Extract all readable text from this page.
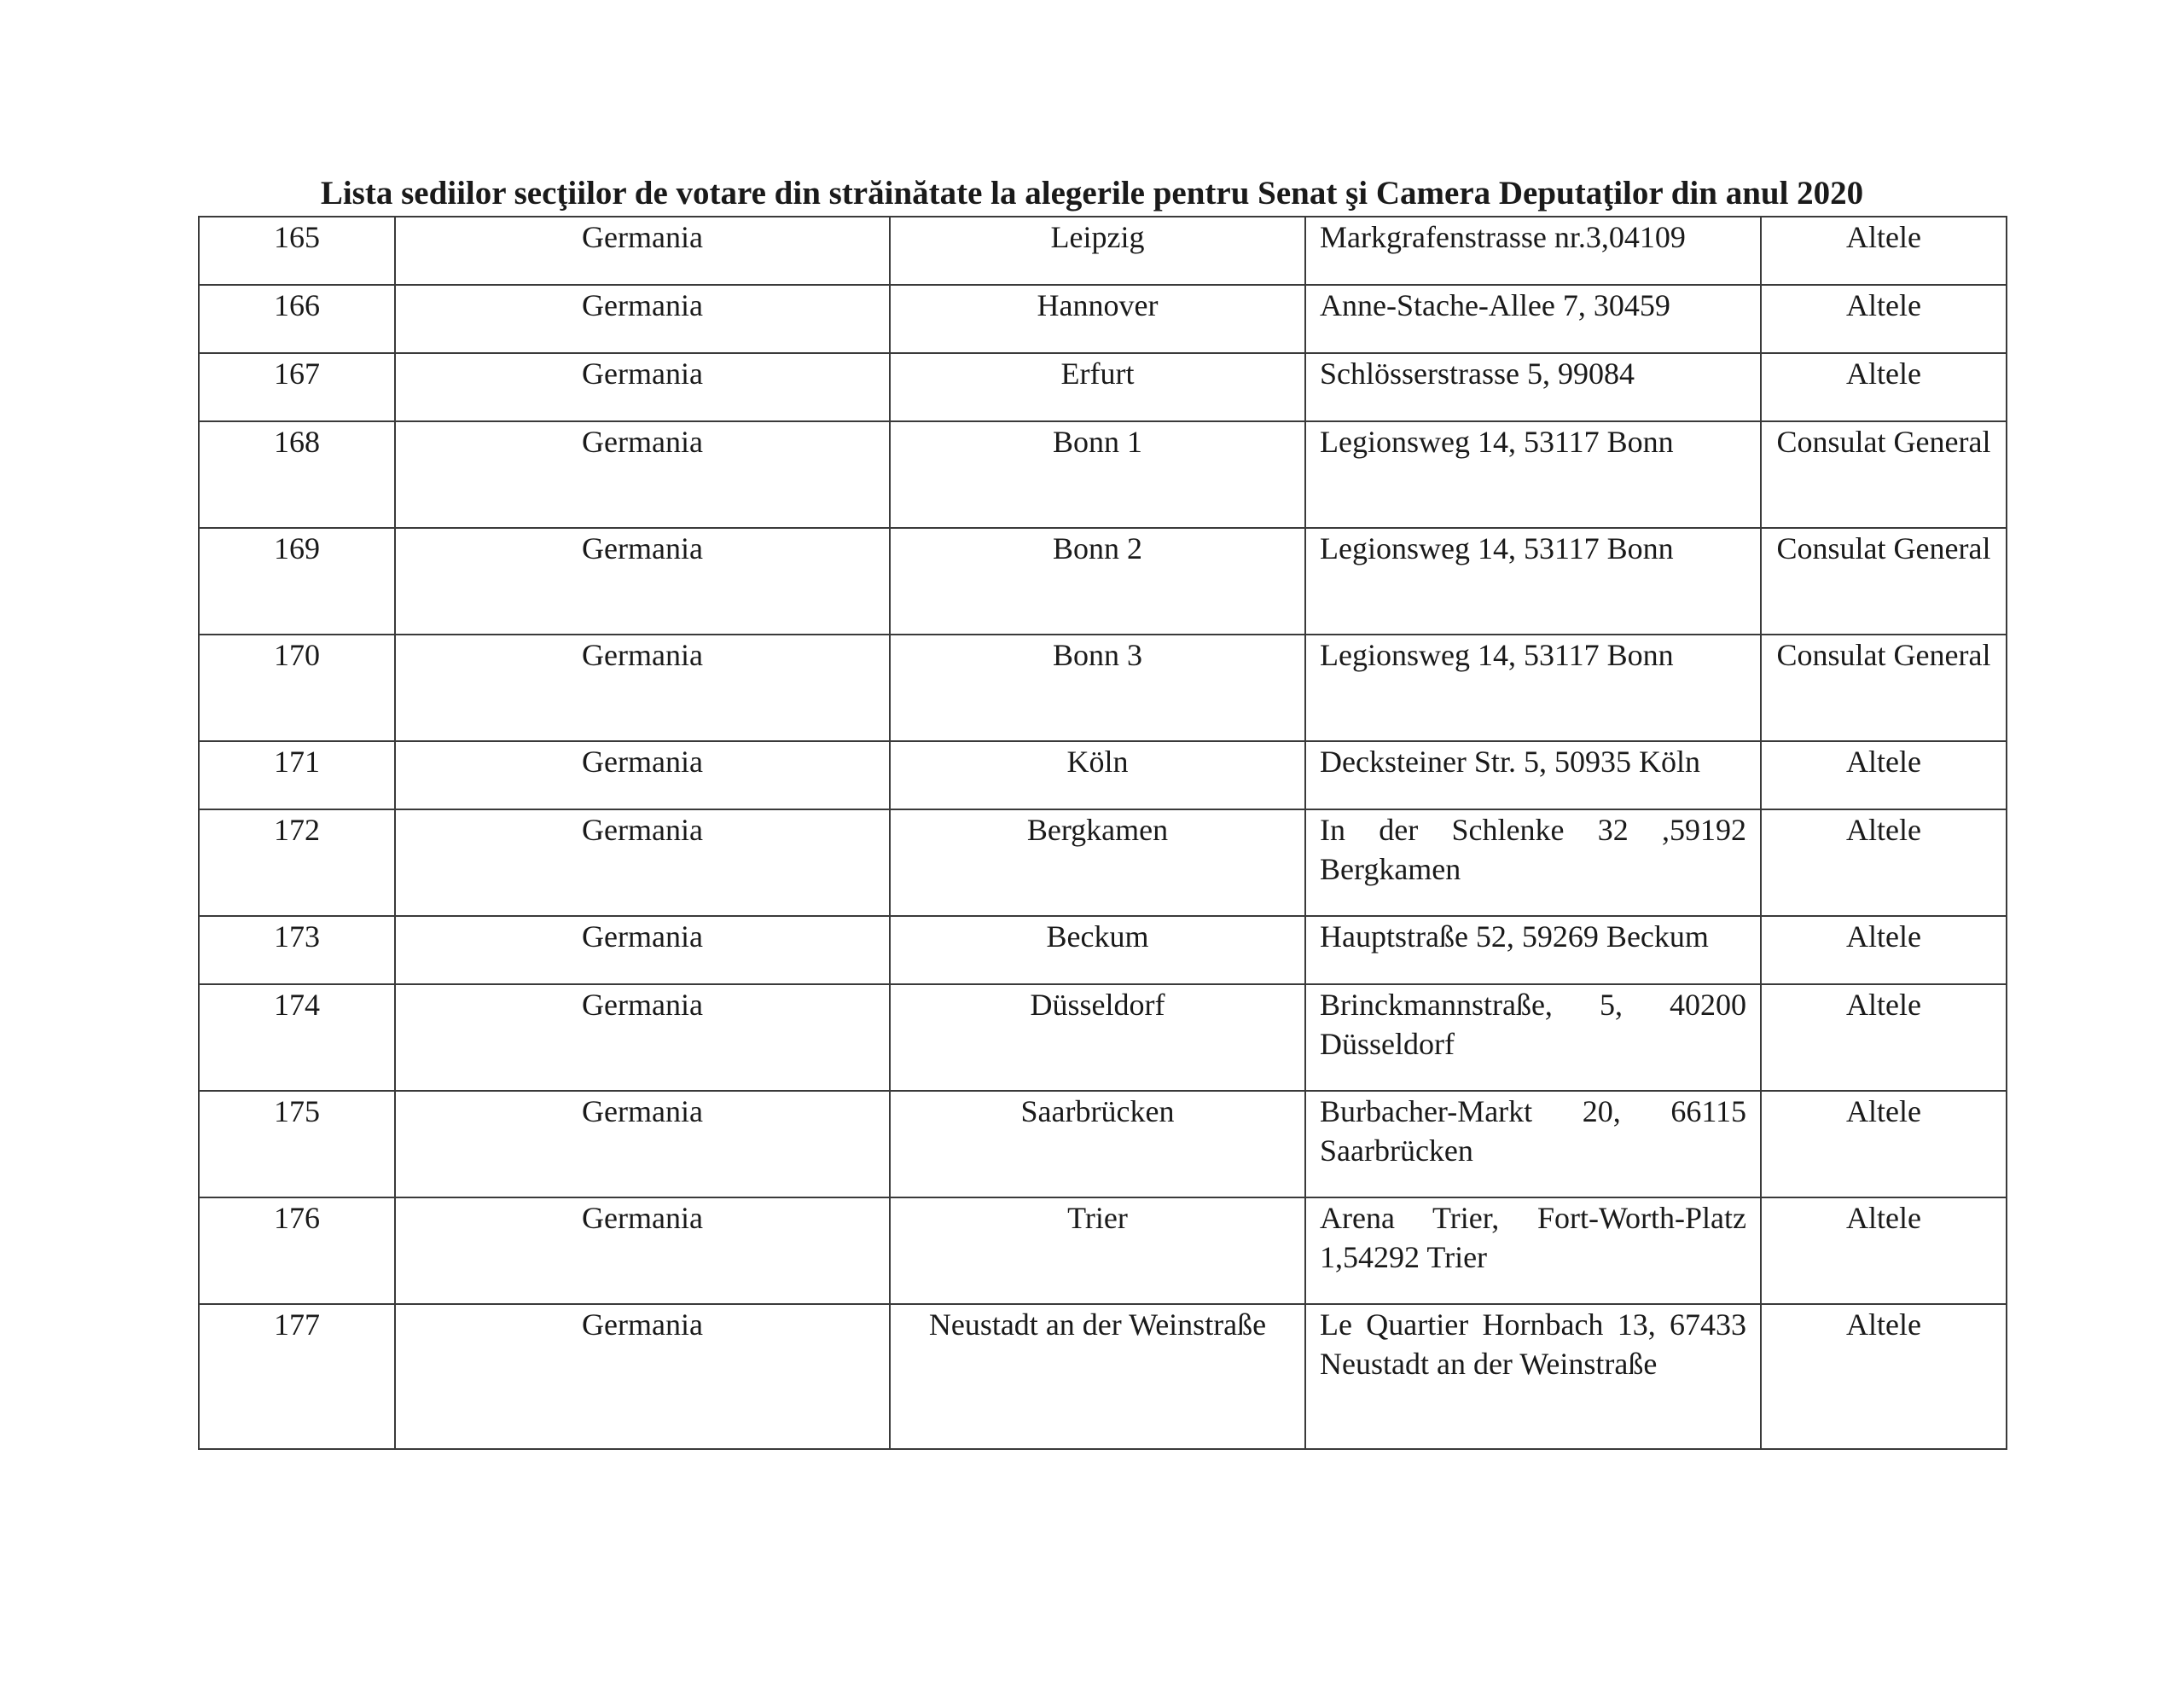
Lista sediilor secţiilor de votare din străinătate la alegerile pentru Senat şi Camera Deputaţilor din anul 2020
165	Germania	Leipzig	Markgrafenstrasse nr.3,04109	Altele
166	Germania	Hannover	Anne-Stache-Allee 7, 30459	Altele
167	Germania	Erfurt	Schlösserstrasse 5, 99084	Altele
168	Germania	Bonn 1	Legionsweg 14, 53117 Bonn	Consulat General
169	Germania	Bonn 2	Legionsweg 14, 53117 Bonn	Consulat General
170	Germania	Bonn 3	Legionsweg 14, 53117 Bonn	Consulat General
171	Germania	Köln	Decksteiner Str. 5, 50935 Köln	Altele
172	Germania	Bergkamen	In der Schlenke 32 ,59192 Bergkamen	Altele
173	Germania	Beckum	Hauptstraße 52, 59269 Beckum	Altele
174	Germania	Düsseldorf	Brinckmannstraße, 5, 40200 Düsseldorf	Altele
175	Germania	Saarbrücken	Burbacher-Markt 20, 66115 Saarbrücken	Altele
176	Germania	Trier	Arena Trier, Fort-Worth-Platz 1,54292 Trier	Altele
177	Germania	Neustadt an der Weinstraße	Le Quartier Hornbach 13, 67433 Neustadt an der Weinstraße	Altele
